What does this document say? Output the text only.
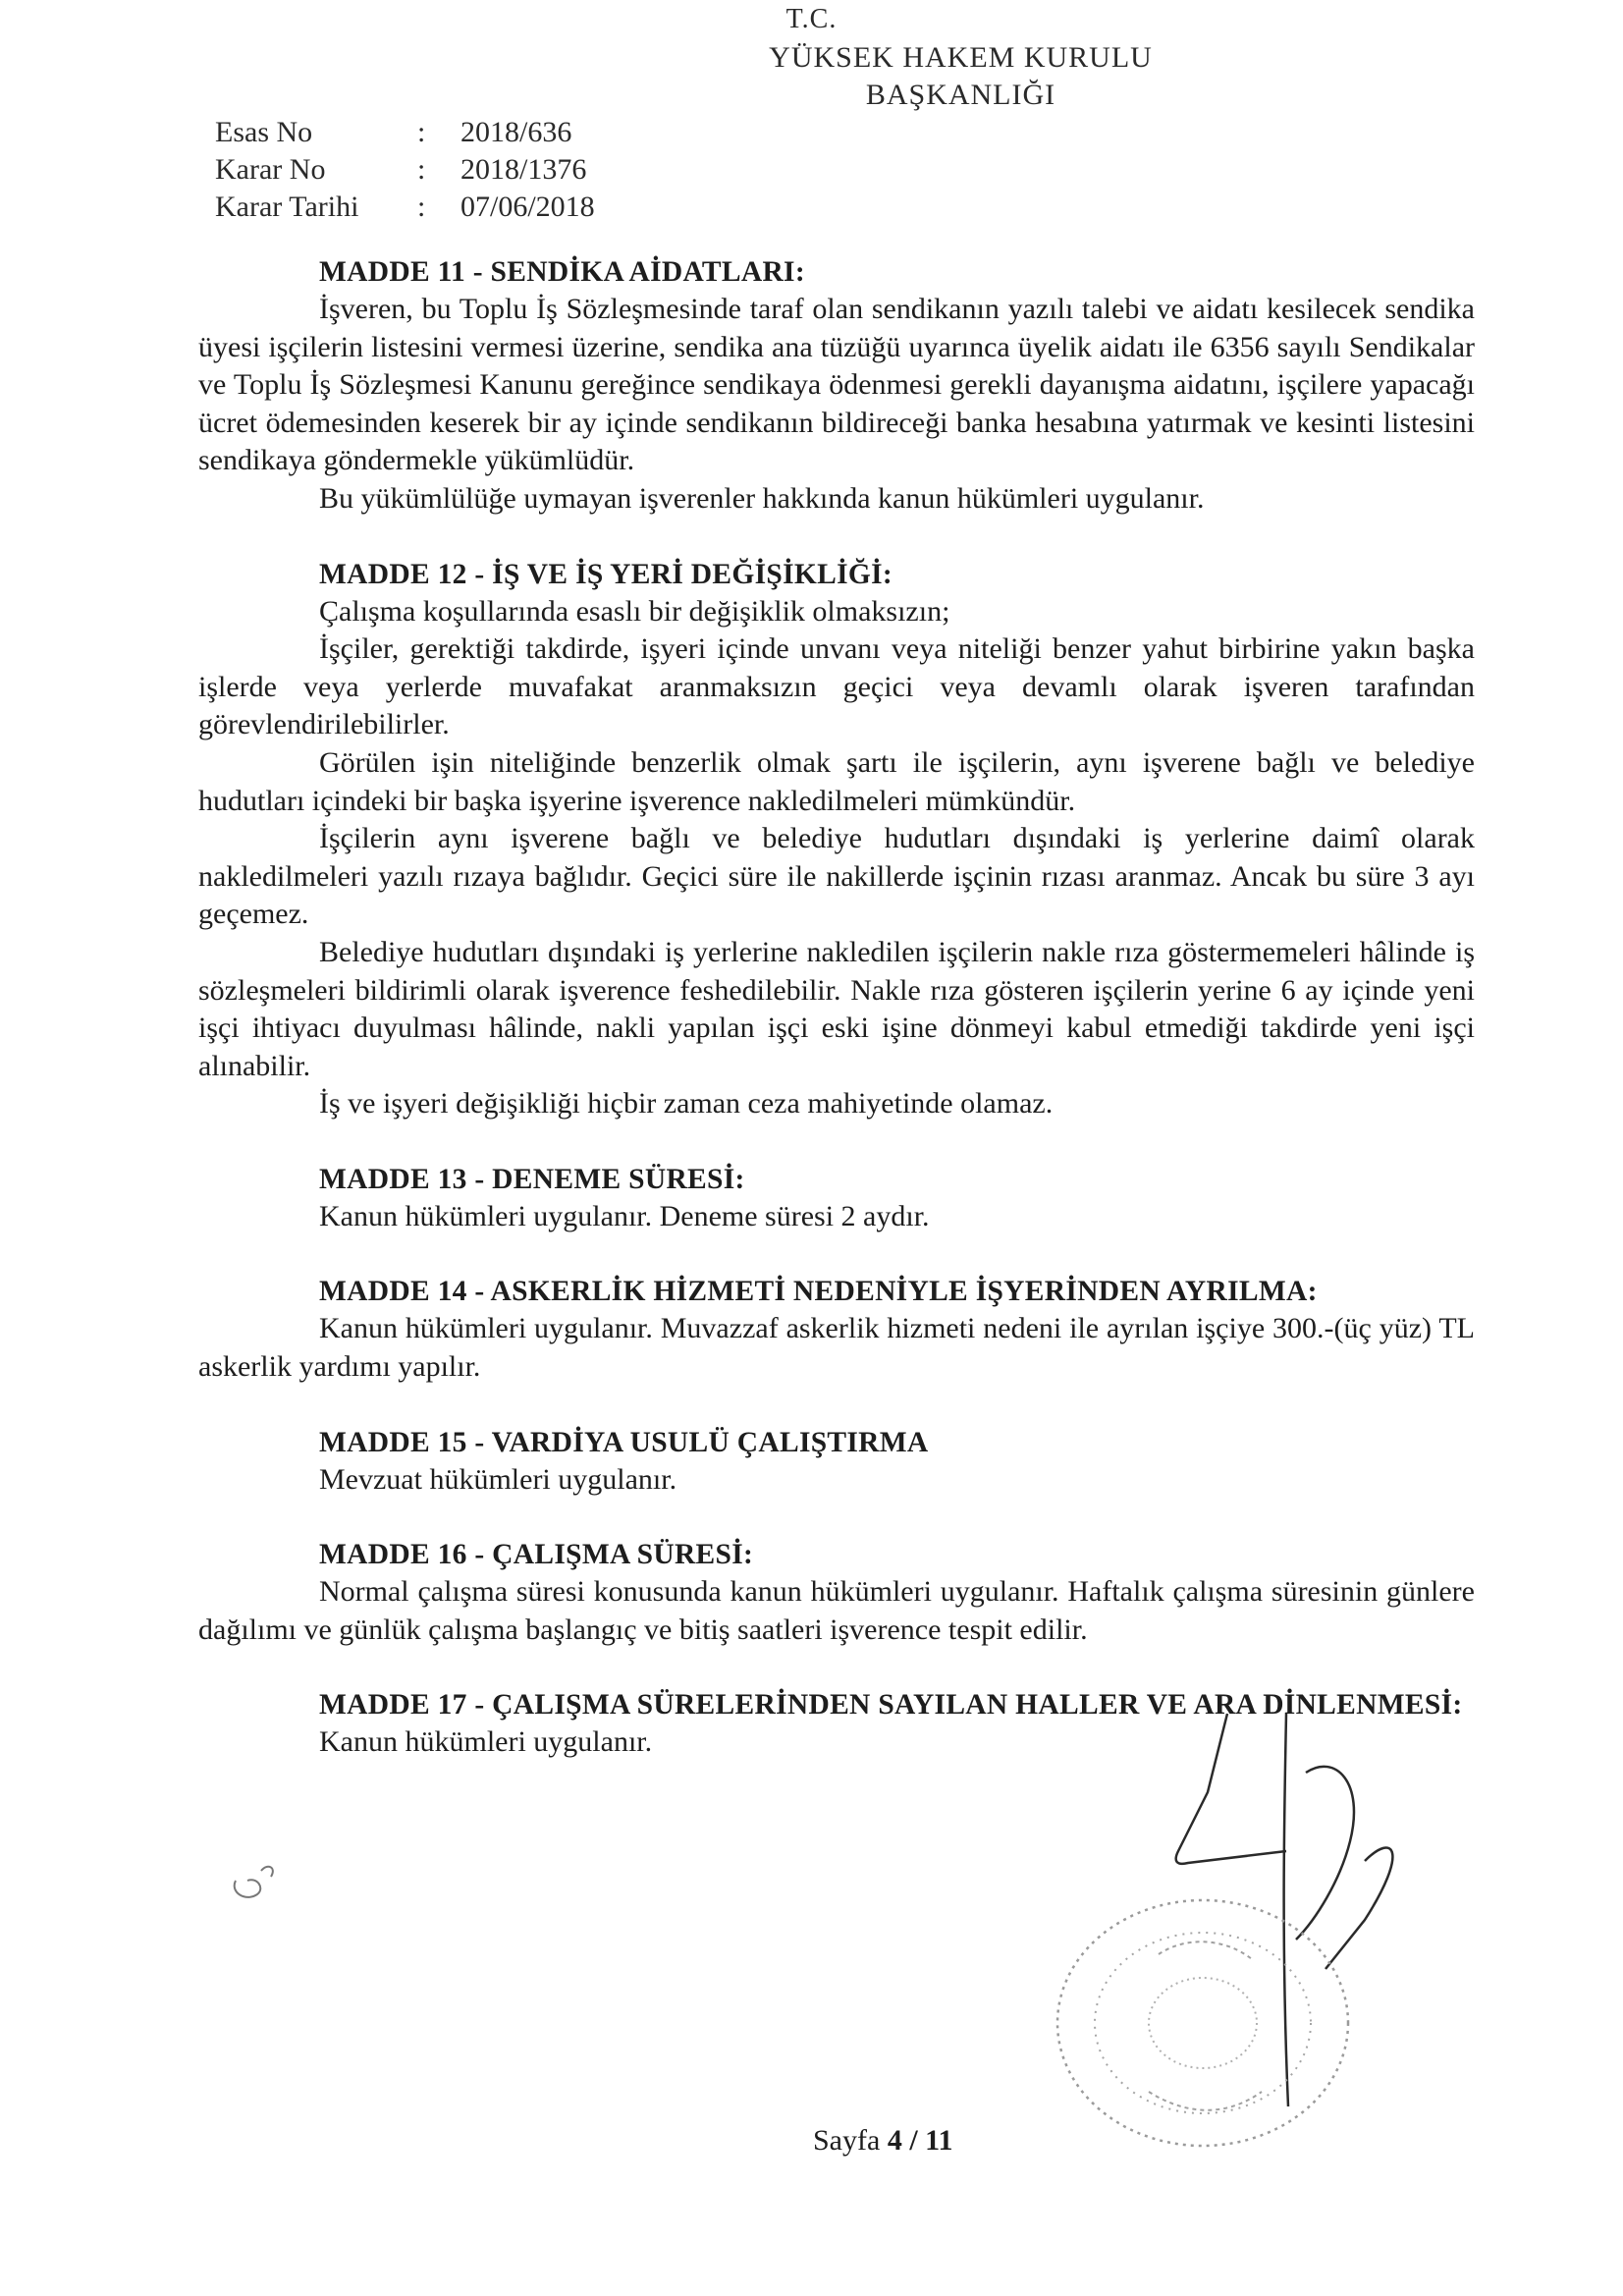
T.C.
YÜKSEK HAKEM KURULU
BAŞKANLIĞI
Esas No	: 2018/636
Karar No	: 2018/1376
Karar Tarihi : 07/06/2018
MADDE 11 - SENDİKA AİDATLARI:

İşveren, bu Toplu İş Sözleşmesinde taraf olan sendikanın yazılı talebi ve aidatı kesilecek sendika üyesi işçilerin listesini vermesi üzerine, sendika ana tüzüğü uyarınca üyelik aidatı ile 6356 sayılı Sendikalar ve Toplu İş Sözleşmesi Kanunu gereğince sendikaya ödenmesi gerekli dayanışma aidatını, işçilere yapacağı ücret ödemesinden keserek bir ay içinde sendikanın bildireceği banka hesabına yatırmak ve kesinti listesini sendikaya göndermekle yükümlüdür.

Bu yükümlülüğe uymayan işverenler hakkında kanun hükümleri uygulanır.

MADDE 12 - İŞ VE İŞ YERİ DEĞİŞİKLİĞİ:

Çalışma koşullarında esaslı bir değişiklik olmaksızın;

İşçiler, gerektiği takdirde, işyeri içinde unvanı veya niteliği benzer yahut birbirine yakın başka işlerde veya yerlerde muvafakat aranmaksızın geçici veya devamlı olarak işveren tarafından görevlendirilebilirler.

Görülen işin niteliğinde benzerlik olmak şartı ile işçilerin, aynı işverene bağlı ve belediye hudutları içindeki bir başka işyerine işverence nakledilmeleri mümkündür.

İşçilerin aynı işverene bağlı ve belediye hudutları dışındaki iş yerlerine daimî olarak nakledilmeleri yazılı rızaya bağlıdır. Geçici süre ile nakillerde işçinin rızası aranmaz. Ancak bu süre 3 ayı geçemez.

Belediye hudutları dışındaki iş yerlerine nakledilen işçilerin nakle rıza göstermemeleri hâlinde iş sözleşmeleri bildirimli olarak işverence feshedilebilir. Nakle rıza gösteren işçilerin yerine 6 ay içinde yeni işçi ihtiyacı duyulması hâlinde, nakli yapılan işçi eski işine dönmeyi kabul etmediği takdirde yeni işçi alınabilir.

İş ve işyeri değişikliği hiçbir zaman ceza mahiyetinde olamaz.

MADDE 13 - DENEME SÜRESİ:

Kanun hükümleri uygulanır. Deneme süresi 2 aydır.

MADDE 14 - ASKERLİK HİZMETİ NEDENİYLE İŞYERİNDEN AYRILMA:

Kanun hükümleri uygulanır. Muvazzaf askerlik hizmeti nedeni ile ayrılan işçiye 300.-(üç yüz) TL askerlik yardımı yapılır.

MADDE 15 - VARDİYA USULÜ ÇALIŞTIRMA

Mevzuat hükümleri uygulanır.

MADDE 16 - ÇALIŞMA SÜRESİ:

Normal çalışma süresi konusunda kanun hükümleri uygulanır. Haftalık çalışma süresinin günlere dağılımı ve günlük çalışma başlangıç ve bitiş saatleri işverence tespit edilir.

MADDE 17 - ÇALIŞMA SÜRELERİNDEN SAYILAN HALLER VE ARA DİNLENMESİ:

Kanun hükümleri uygulanır.

Sayfa 4 / 11
